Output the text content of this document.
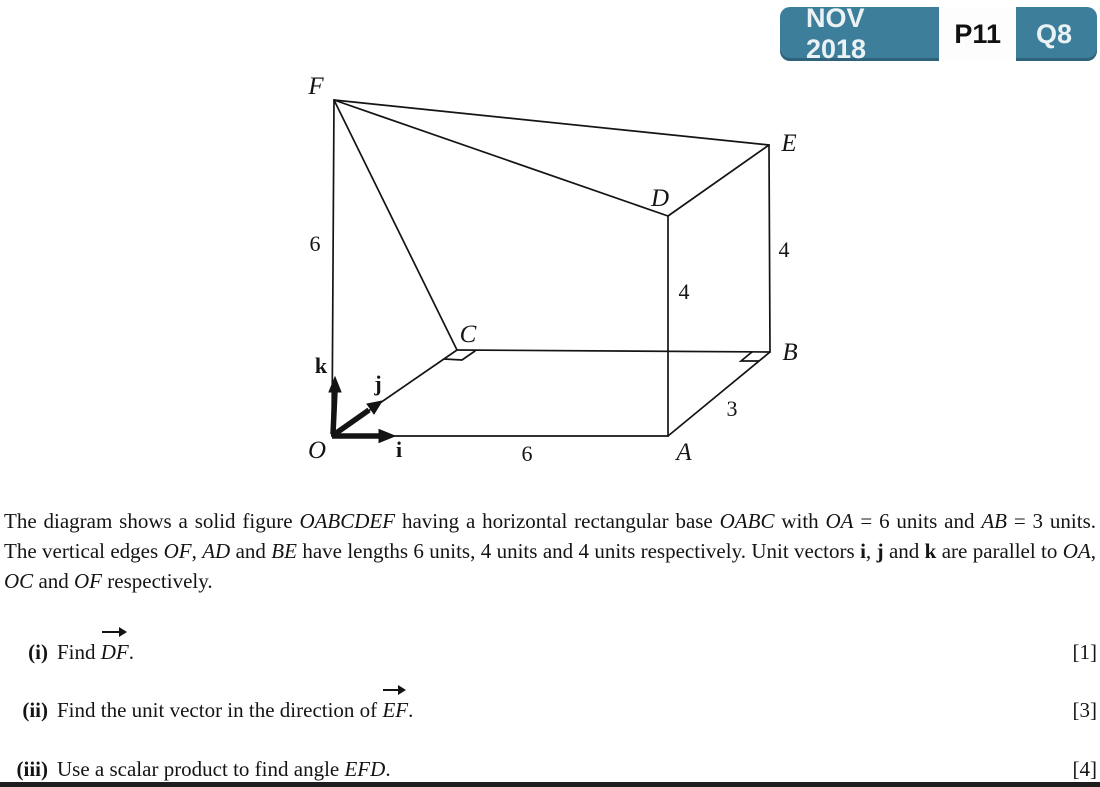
NOV 2018
P11	Q8
F
E
D
C
B
A
O
6	4
4
3
6
k
j
i
The diagram shows a solid figure OABCDEF having a horizontal rectangular base OABC with OA = 6 units and AB = 3 units. The vertical edges OF, AD and BE have lengths 6 units, 4 units and 4 units respectively. Unit vectors i, j and k are parallel to OA, OC and OF respectively.
(i) Find
DF.	[1]
(ii) Find the unit vector in the direction of
EF.	[3]
(iii) Use a scalar product to find angle EFD.	[4]
